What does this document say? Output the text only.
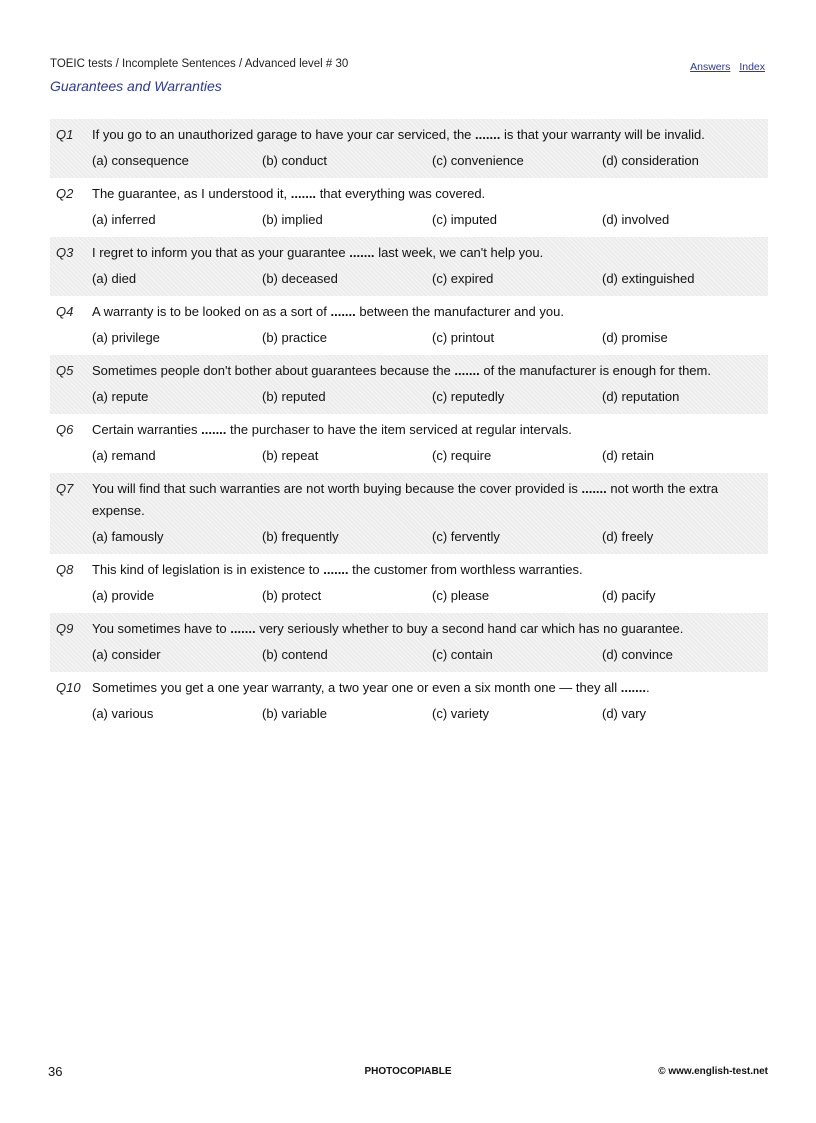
TOEIC tests / Incomplete Sentences / Advanced level # 30
Guarantees and Warranties
Answers Index
Q1	If you go to an unauthorized garage to have your car serviced, the ....... is that your warranty will be invalid.
(a) consequence	(b) conduct	(c) convenience	(d) consideration
Q2	The guarantee, as I understood it, ....... that everything was covered.
(a) inferred	(b) implied	(c) imputed	(d) involved
Q3	I regret to inform you that as your guarantee ....... last week, we can't help you.
(a) died	(b) deceased	(c) expired	(d) extinguished
Q4	A warranty is to be looked on as a sort of ....... between the manufacturer and you.
(a) privilege	(b) practice	(c) printout	(d) promise
Q5	Sometimes people don't bother about guarantees because the ....... of the manufacturer is enough for them.
(a) repute	(b) reputed	(c) reputedly	(d) reputation
Q6	Certain warranties ....... the purchaser to have the item serviced at regular intervals.
(a) remand	(b) repeat	(c) require	(d) retain
Q7	You will find that such warranties are not worth buying because the cover provided is ....... not worth the extra expense.
(a) famously	(b) frequently	(c) fervently	(d) freely
Q8	This kind of legislation is in existence to ....... the customer from worthless warranties.
(a) provide	(b) protect	(c) please	(d) pacify
Q9	You sometimes have to ....... very seriously whether to buy a second hand car which has no guarantee.
(a) consider	(b) contend	(c) contain	(d) convince
Q10 Sometimes you get a one year warranty, a two year one or even a six month one — they all ........
(a) various	(b) variable	(c) variety	(d) vary
36	PHOTOCOPIABLE	© www.english-test.net
